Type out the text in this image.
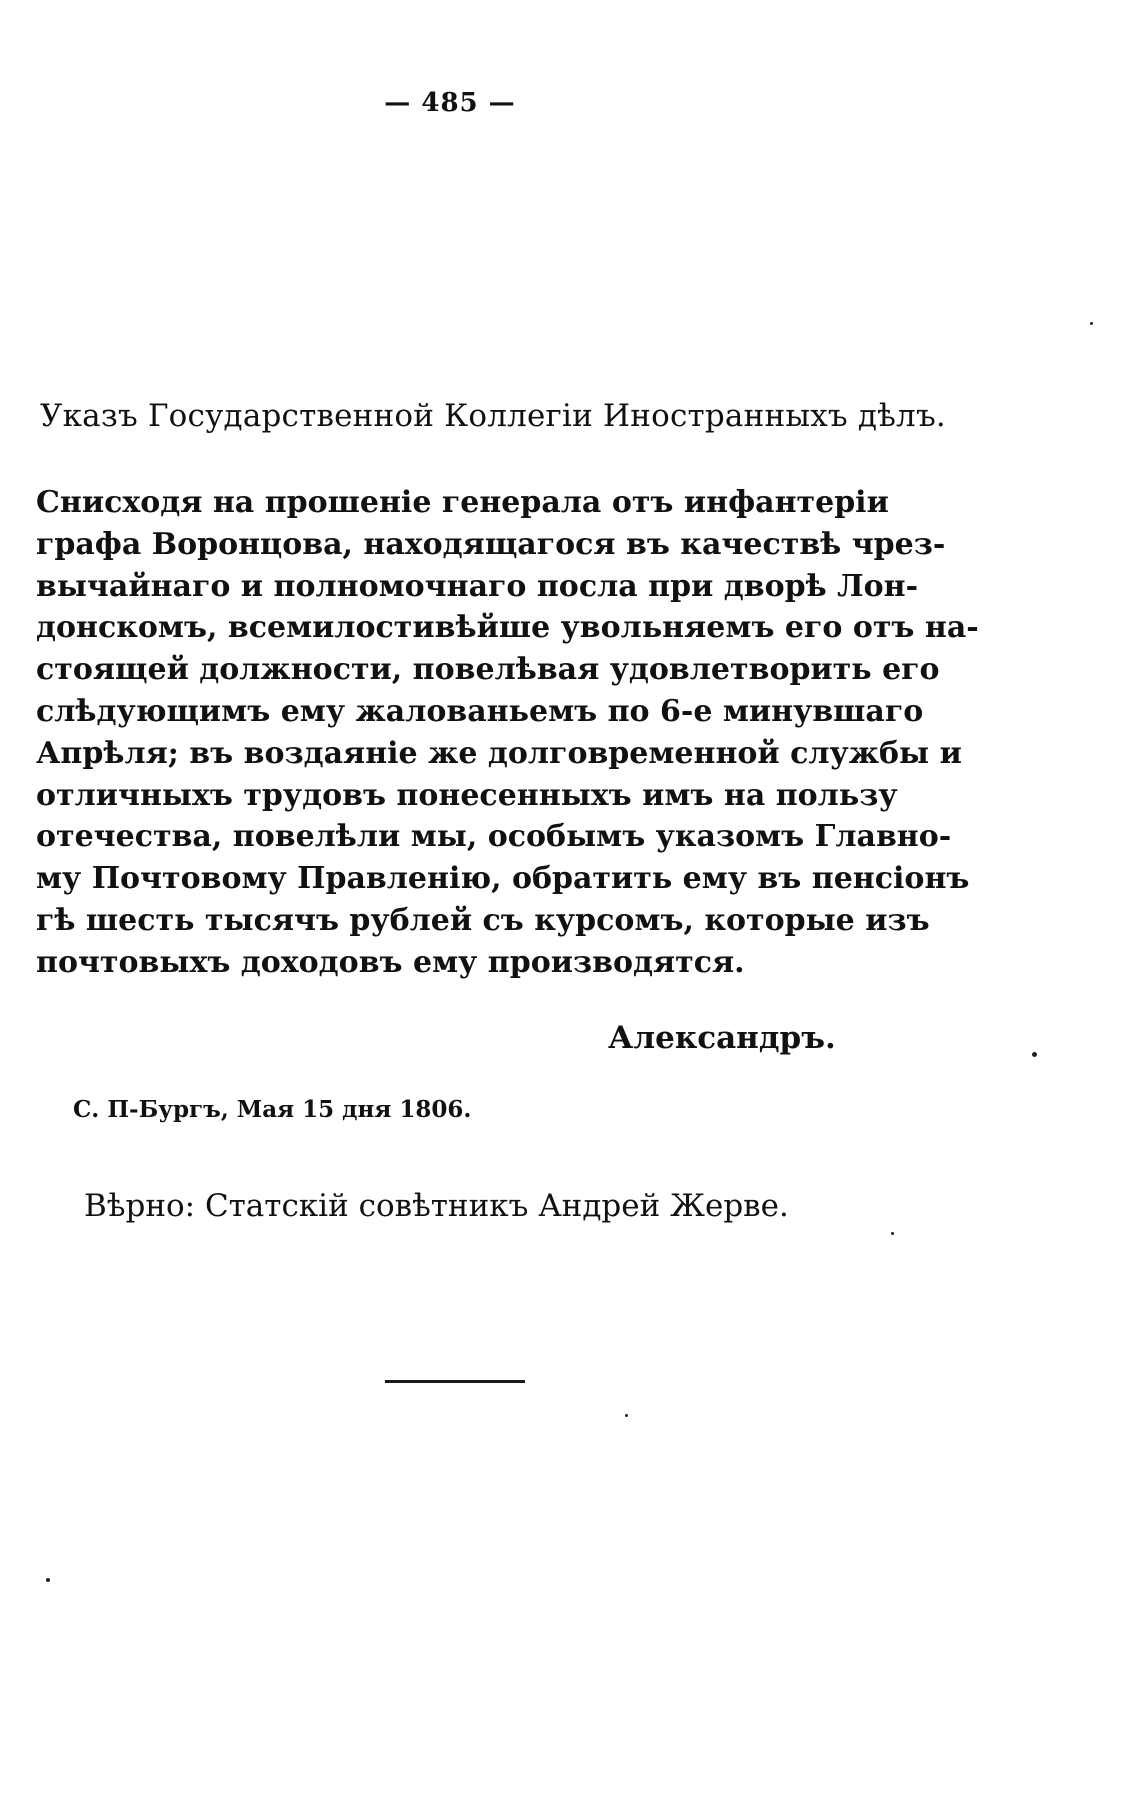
— 485 —
Указъ Государственной Коллегіи Иностранныхъ дѣлъ.
Снисходя на прошеніе генерала отъ инфантеріи
графа Воронцова, находящагося въ качествѣ чрез-
вычайнаго и полномочнаго посла при дворѣ Лон-
донскомъ, всемилостивѣйше увольняемъ его отъ на-
стоящей должности, повелѣвая удовлетворить его
слѣдующимъ ему жалованьемъ по 6-е минувшаго
Апрѣля; въ воздаяніе же долговременной службы и
отличныхъ трудовъ понесенныхъ имъ на пользу
отечества, повелѣли мы, особымъ указомъ Главно-
му Почтовому Правленію, обратить ему въ пенсіонъ
гѣ шесть тысячъ рублей съ курсомъ, которые изъ
почтовыхъ доходовъ ему производятся.
Александръ.
С. П-Бургъ, Мая 15 дня 1806.
Вѣрно: Статскій совѣтникъ Андрей Жерве.
